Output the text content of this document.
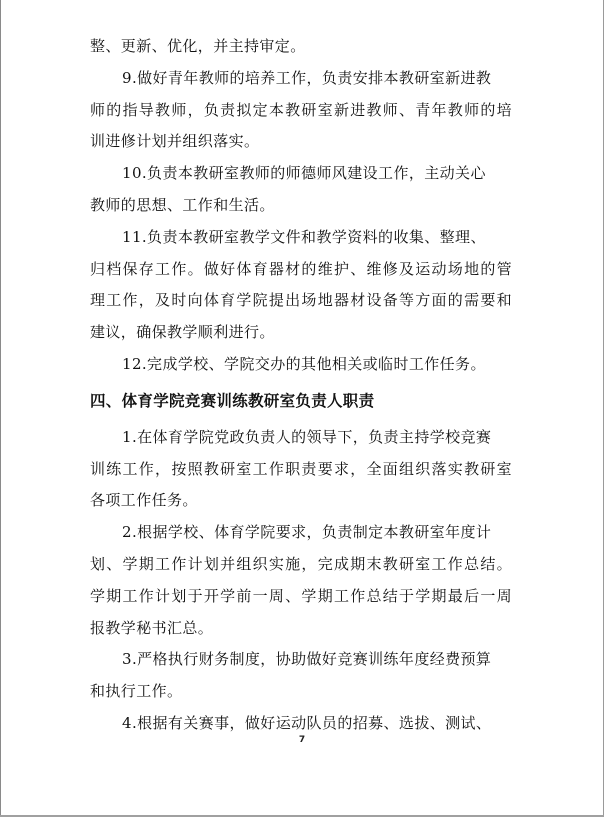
整、更新、优化，并主持审定。
9.做好青年教师的培养工作，负责安排本教研室新进教
师的指导教师，负责拟定本教研室新进教师、青年教师的培
训进修计划并组织落实。
10.负责本教研室教师的师德师风建设工作，主动关心
教师的思想、工作和生活。
11.负责本教研室教学文件和教学资料的收集、整理、
归档保存工作。做好体育器材的维护、维修及运动场地的管
理工作，及时向体育学院提出场地器材设备等方面的需要和
建议，确保教学顺利进行。
12.完成学校、学院交办的其他相关或临时工作任务。
四、体育学院竞赛训练教研室负责人职责
1.在体育学院党政负责人的领导下，负责主持学校竞赛
训练工作，按照教研室工作职责要求，全面组织落实教研室
各项工作任务。
2.根据学校、体育学院要求，负责制定本教研室年度计
划、学期工作计划并组织实施，完成期末教研室工作总结。
学期工作计划于开学前一周、学期工作总结于学期最后一周
报教学秘书汇总。
3.严格执行财务制度，协助做好竞赛训练年度经费预算
和执行工作。
4.根据有关赛事，做好运动队员的招募、选拔、测试、
7
